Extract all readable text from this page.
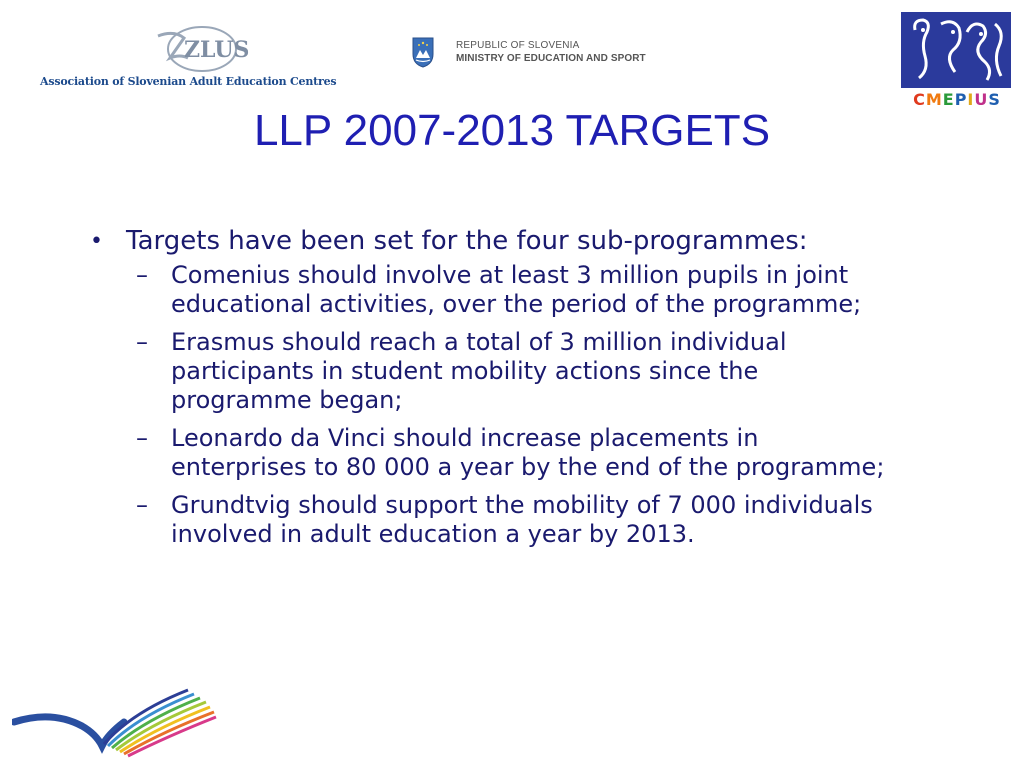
ZLUS
Association of Slovenian Adult Education Centres
REPUBLIC OF SLOVENIA
MINISTRY OF EDUCATION AND SPORT
CMEPIUS
LLP 2007-2013 TARGETS
• Targets have been set for the four sub-programmes:
– Comenius should involve at least 3 million pupils in joint educational activities, over the period of the programme;
– Erasmus should reach a total of 3 million individual participants in student mobility actions since the programme began;
– Leonardo da Vinci should increase placements in enterprises to 80 000 a year by the end of the programme;
– Grundtvig should support the mobility of 7 000 individuals involved in adult education a year by 2013.
